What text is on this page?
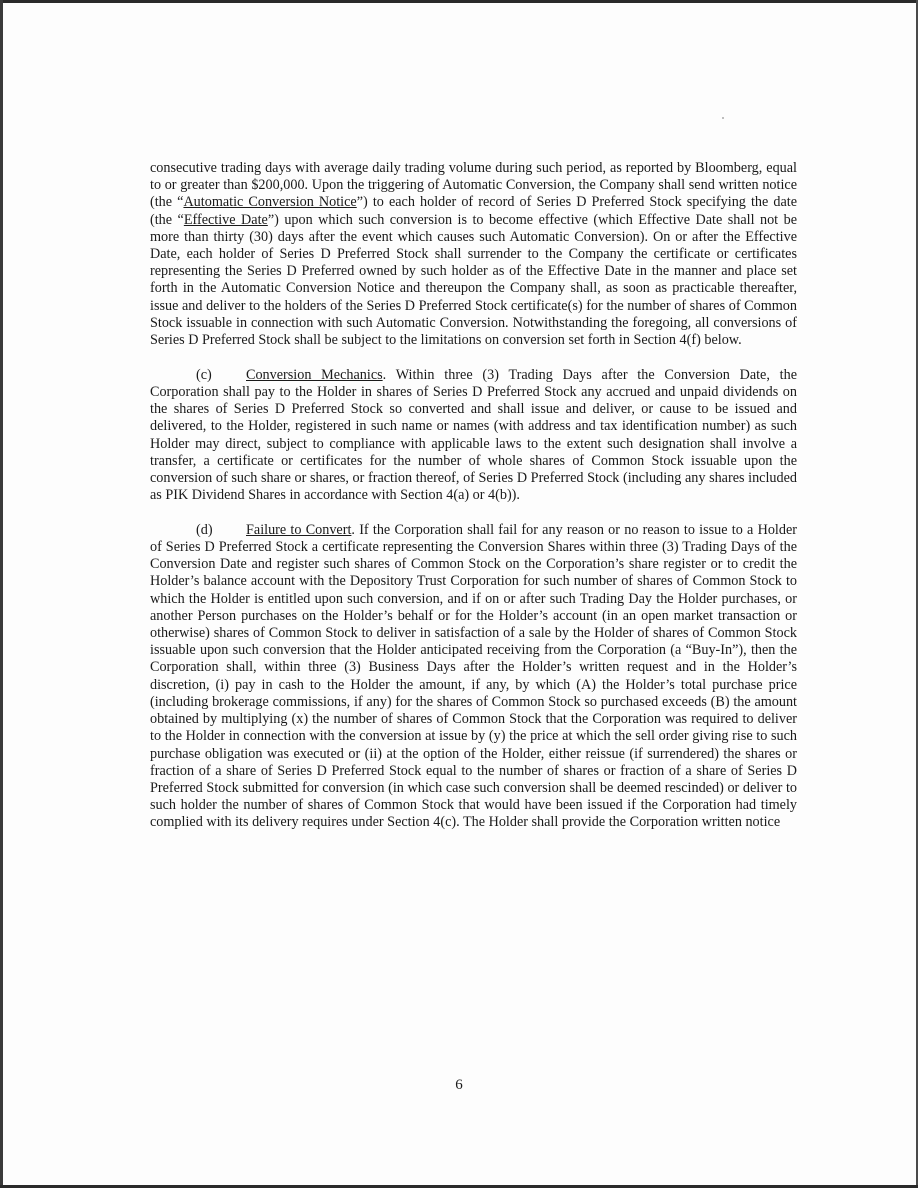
consecutive trading days with average daily trading volume during such period, as reported by Bloomberg, equal to or greater than $200,000. Upon the triggering of Automatic Conversion, the Company shall send written notice (the “Automatic Conversion Notice”) to each holder of record of Series D Preferred Stock specifying the date (the “Effective Date”) upon which such conversion is to become effective (which Effective Date shall not be more than thirty (30) days after the event which causes such Automatic Conversion). On or after the Effective Date, each holder of Series D Preferred Stock shall surrender to the Company the certificate or certificates representing the Series D Preferred owned by such holder as of the Effective Date in the manner and place set forth in the Automatic Conversion Notice and thereupon the Company shall, as soon as practicable thereafter, issue and deliver to the holders of the Series D Preferred Stock certificate(s) for the number of shares of Common Stock issuable in connection with such Automatic Conversion. Notwithstanding the foregoing, all conversions of Series D Preferred Stock shall be subject to the limitations on conversion set forth in Section 4(f) below.

(c) Conversion Mechanics. Within three (3) Trading Days after the Conversion Date, the Corporation shall pay to the Holder in shares of Series D Preferred Stock any accrued and unpaid dividends on the shares of Series D Preferred Stock so converted and shall issue and deliver, or cause to be issued and delivered, to the Holder, registered in such name or names (with address and tax identification number) as such Holder may direct, subject to compliance with applicable laws to the extent such designation shall involve a transfer, a certificate or certificates for the number of whole shares of Common Stock issuable upon the conversion of such share or shares, or fraction thereof, of Series D Preferred Stock (including any shares included as PIK Dividend Shares in accordance with Section 4(a) or 4(b)).

(d) Failure to Convert. If the Corporation shall fail for any reason or no reason to issue to a Holder of Series D Preferred Stock a certificate representing the Conversion Shares within three (3) Trading Days of the Conversion Date and register such shares of Common Stock on the Corporation’s share register or to credit the Holder’s balance account with the Depository Trust Corporation for such number of shares of Common Stock to which the Holder is entitled upon such conversion, and if on or after such Trading Day the Holder purchases, or another Person purchases on the Holder’s behalf or for the Holder’s account (in an open market transaction or otherwise) shares of Common Stock to deliver in satisfaction of a sale by the Holder of shares of Common Stock issuable upon such conversion that the Holder anticipated receiving from the Corporation (a “Buy-In”), then the Corporation shall, within three (3) Business Days after the Holder’s written request and in the Holder’s discretion, (i) pay in cash to the Holder the amount, if any, by which (A) the Holder’s total purchase price (including brokerage commissions, if any) for the shares of Common Stock so purchased exceeds (B) the amount obtained by multiplying (x) the number of shares of Common Stock that the Corporation was required to deliver to the Holder in connection with the conversion at issue by (y) the price at which the sell order giving rise to such purchase obligation was executed or (ii) at the option of the Holder, either reissue (if surrendered) the shares or fraction of a share of Series D Preferred Stock equal to the number of shares or fraction of a share of Series D Preferred Stock submitted for conversion (in which case such conversion shall be deemed rescinded) or deliver to such holder the number of shares of Common Stock that would have been issued if the Corporation had timely complied with its delivery requires under Section 4(c). The Holder shall provide the Corporation written notice

6
